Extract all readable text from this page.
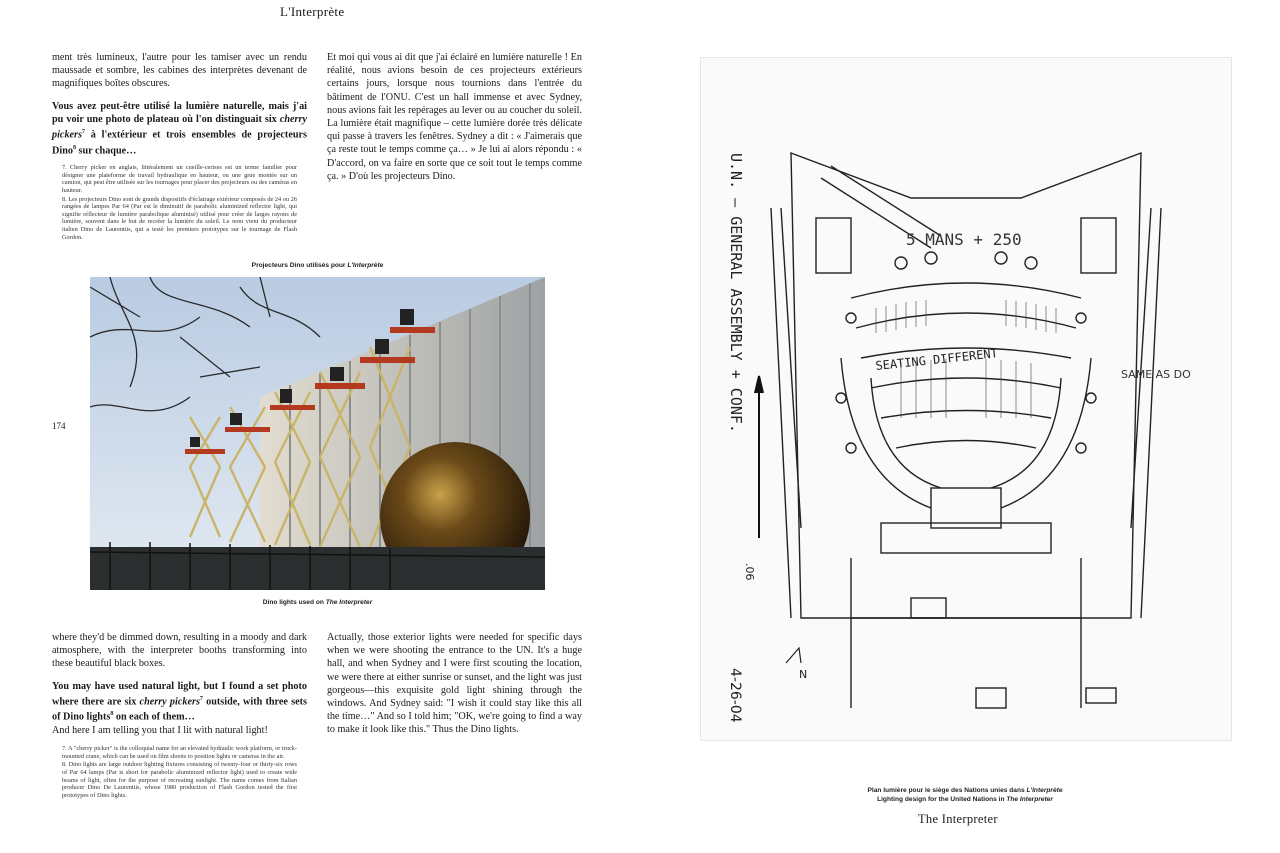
L'Interprète
The Interpreter
174

ment très lumineux, l'autre pour les tamiser avec un rendu maussade et sombre, les cabines des interprètes devenant de magnifiques boîtes obscures.

Vous avez peut-être utilisé la lumière naturelle, mais j'ai pu voir une photo de plateau où l'on distinguait six cherry pickers$^7$ à l'extérieur et trois ensembles de projecteurs Dino$^8$ sur chaque…

7. Cherry picker en anglais, littéralement un cueille-cerises est un terme familier pour désigner une plateforme de travail hydraulique en hauteur, ou une grue montée sur un camion, qui peut être utilisée sur les tournages pour placer des projecteurs ou des caméras en hauteur.

8. Les projecteurs Dino sont de grands dispositifs d'éclairage extérieur composés de 24 ou 26 rangées de lampes Par 64 (Par est le diminutif de parabolic aluminized reflector light, qui signifie réflecteur de lumière parabolique aluminisé) utilisé pour créer de larges rayons de lumière, souvent dans le but de recréer la lumière du soleil. Le nom vient du producteur italien Dino de Laurentiis, qui a testé les premiers prototypes sur le tournage de Flash Gordon.

Et moi qui vous ai dit que j'ai éclairé en lumière naturelle ! En réalité, nous avions besoin de ces projecteurs extérieurs certains jours, lorsque nous tournions dans l'entrée du bâtiment de l'ONU. C'est un hall immense et avec Sydney, nous avions fait les repérages au lever ou au coucher du soleil. La lumière était magnifique – cette lumière dorée très délicate qui passe à travers les fenêtres. Sydney a dit : « J'aimerais que ça reste tout le temps comme ça… » Je lui ai alors répondu : « D'accord, on va faire en sorte que ce soit tout le temps comme ça. » D'où les projecteurs Dino.

Projecteurs Dino utilisés pour L'Interprète
Dino lights used on The Interpreter

where they'd be dimmed down, resulting in a moody and dark atmosphere, with the interpreter booths transforming into these beautiful black boxes.

You may have used natural light, but I found a set photo where there are six cherry pickers$^7$ outside, with three sets of Dino lights$^8$ on each of them…

And here I am telling you that I lit with natural light!

7. A "cherry picker" is the colloquial name for an elevated hydraulic work platform, or truck-mounted crane, which can be used on film shoots to position lights or cameras in the air.

8. Dino lights are large outdoor lighting fixtures consisting of twenty-four or thirty-six rows of Par 64 lamps (Par is short for parabolic aluminized reflector light) used to create wide beams of light, often for the purpose of recreating sunlight. The name comes from Italian producer Dino De Laurentiis, whose 1980 production of Flash Gordon tested the first prototypes of Dino lights.

Actually, those exterior lights were needed for specific days when we were shooting the entrance to the UN. It's a huge hall, and when Sydney and I were first scouting the location, we were there at either sunrise or sunset, and the light was just gorgeous—this exquisite gold light shining through the windows. And Sydney said: "I wish it could stay like this all the time…" And so I told him; "OK, we're going to find a way to make it look like this." Thus the Dino lights.

U.N. – GENERAL ASSEMBLY + CONF.	5 MANS + 250
SEATING DIFFERENT
SAME AS DO
4-26-04
.06
N
Plan lumière pour le siège des Nations unies dans L'Interprète
Lighting design for the United Nations in The Interpreter
